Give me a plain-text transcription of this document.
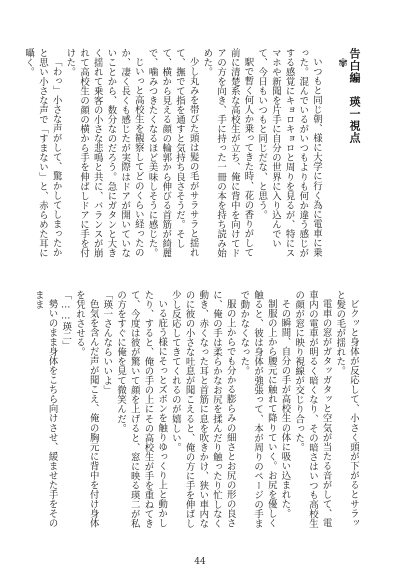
告白編　瑛一視点
✾

いつもと同じ朝、様に大学に行く為に電車に乗った。混んでいるがいつもよりも何か違う感じがする感覚にキョロキョロと周りを見るが、特にスマホや新聞を片手に自分の世界に入り込んでいて、今日もいつもと同じだな、と思う。

駅で暫く何人か乗ってきた時、花の香りがして前に清楚系な高校生が立ち、俺に背中を向けてドアの方を向き、手に持った一冊の本を持ち読み始めた。

少し丸みを帯びた頭は髪の毛がサラサラと揺れて、撫でて指を通すと気持ち良さそうだ。そして、横から見える顔の輪郭から伸びる首筋が綺麗で、噛みつきたくなるほど美味しそうに感じた。

じいっと高校生を観察してどのくらい経ったのか、凄く長くも感じたが実際はドアが開いていないことから、数分なのだろう。急にガタンと大きく揺れて乗客の小さな悲鳴と共に、バランスが崩れて高校生の顔の横から手を伸ばしドアに手を付けた。

「わっ」小さな声がして、驚かしてしまったかと思い小さな声で「すまない」と、赤らめた耳に囁く。

ビクッと身体が反応して、小さく頭が下がるとサラッと髪の毛が揺れた。

電車の窓がガタッガタッと空気が当たる音がして、電車内の電車が明るく暗くなり、その暗さはいつも高校生の顔が窓に映り視線が交じり合った。

その瞬間、自分の手が高校生の体に吸い込まれた。

制服の上から腰元に触れて降りていく。お尻を優しく触ると、彼は身体が強張って、本が周りのページの手まで動かなくなった。

服の上からでも分かる膨らみの細さとお尻の形の良さに、俺の手は柔らかなお尻を揉んだり触ったり忙しなく動き、赤くなった耳と首筋に息を吹きかけ、狭い車内なのに彼の小さな吐息が聞こえると、俺の方に手を伸ばし少し反応してきてくれるのが嬉しい。

いる庇う様にそっとズボンを触りゆっくり上と動かしたり、すると、俺の手の上にその高校生が手を重ねてきて、今度は彼が驚いて顔を上げると、窓に映る瑛二が私の方をすぐに俺を見て微笑んだ。

「瑛一さんならいいよ」

色気を含んだ声が聞こえ、俺の胸元に背中を付け身体を凭れさせる。

「……瑛二」

勢いのまま身体をこちら向けさせ、緩ませた手をそのまま

44
